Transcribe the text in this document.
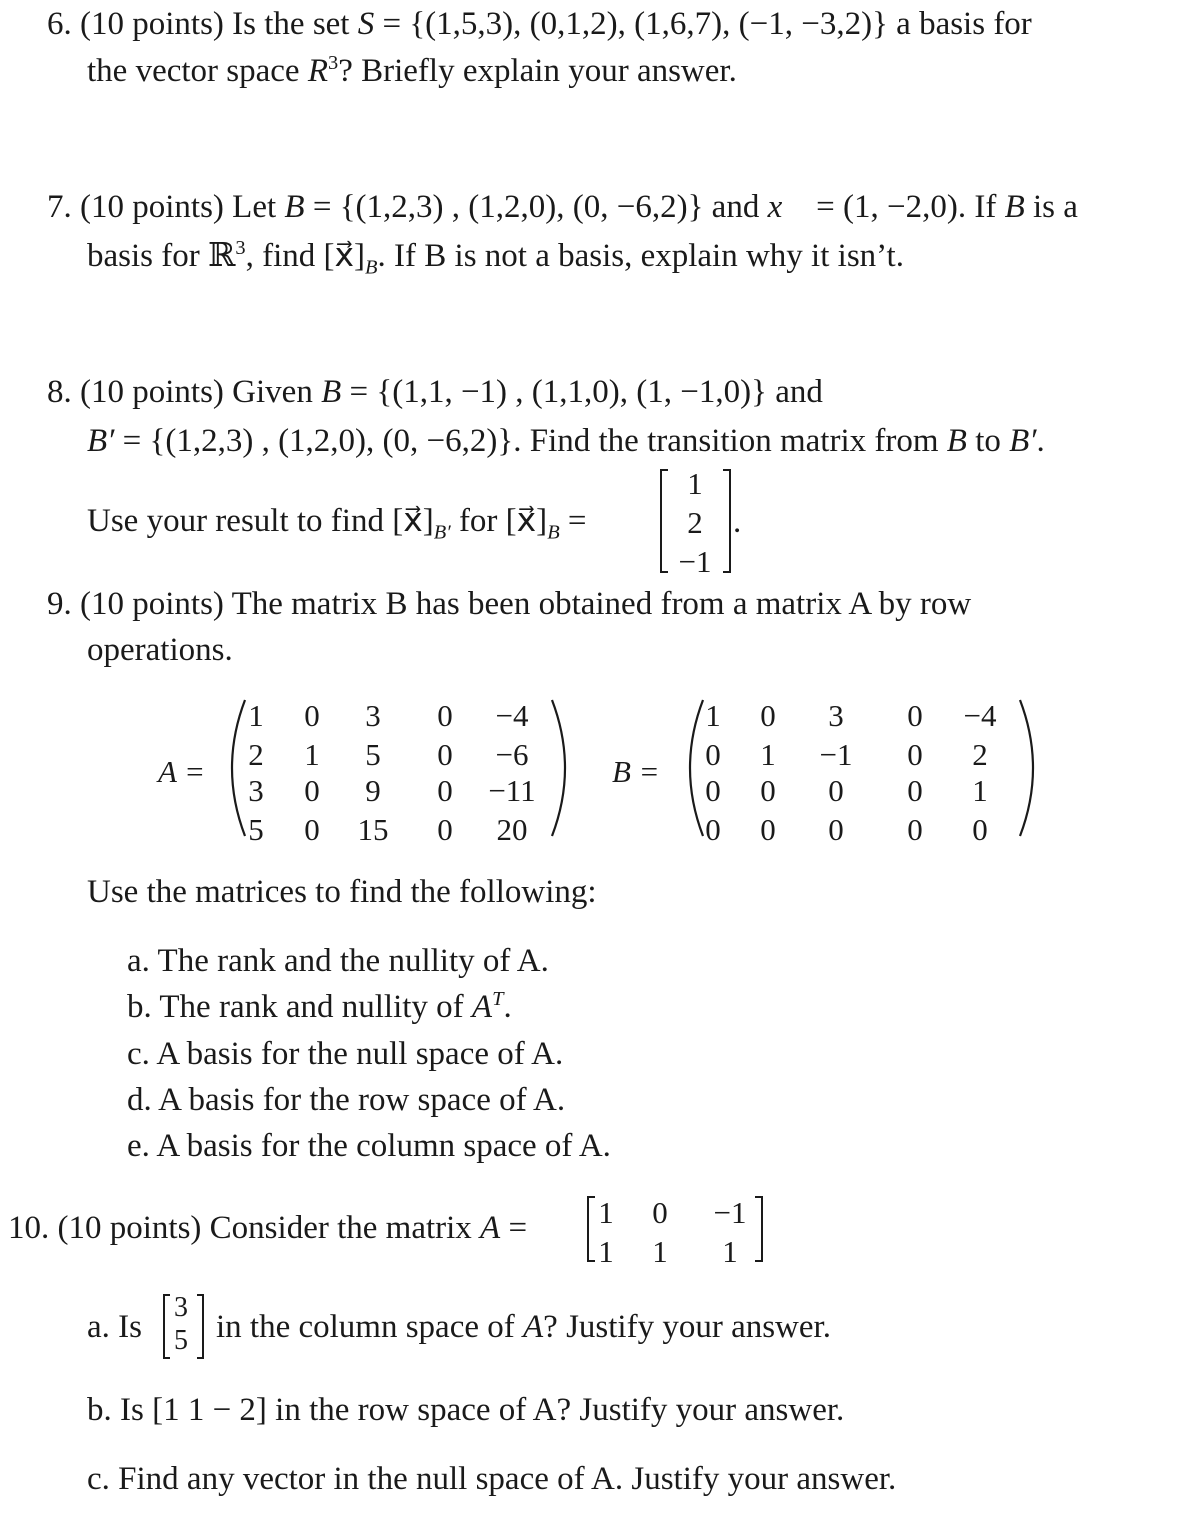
6. (10 points) Is the set S = {(1,5,3), (0,1,2), (1,6,7), (−1, −3,2)} a basis for
the vector space $R^3$? Briefly explain your answer.
7. (10 points) Let B = {(1,2,3) , (1,2,0), (0, −6,2)} and x⃗ = (1, −2,0). If B is a
basis for ℝ$^3$, find $[x⃗]_B$. If B is not a basis, explain why it isn’t.
8. (10 points) Given B = {(1,1, −1) , (1,1,0), (1, −1,0)} and
B′ = {(1,2,3) , (1,2,0), (0, −6,2)}. Find the transition matrix from B to B′.
Use your result to find $[x⃗]_{B'}$ for $[x⃗]_B$ =
1
2
−1
.
9. (10 points) The matrix B has been obtained from a matrix A by row
operations.
A =
1	0	3	0	−4
2	1	5	0	−6
3	0	9	0	−11
5	0	15	0	20
B =
1	0	3	0	−4
0	1	−1	0	2
0	0	0	0	1
0	0	0	0	0
Use the matrices to find the following:
a. The rank and the nullity of A.
b. The rank and nullity of $A^T$.
c. A basis for the null space of A.
d. A basis for the row space of A.
e. A basis for the column space of A.
10. (10 points) Consider the matrix A =	1	0	−1
1	1	1
a. Is
3
5 in the column space of A? Justify your answer.
b. Is [1 1 − 2] in the row space of A? Justify your answer.
c. Find any vector in the null space of A. Justify your answer.
